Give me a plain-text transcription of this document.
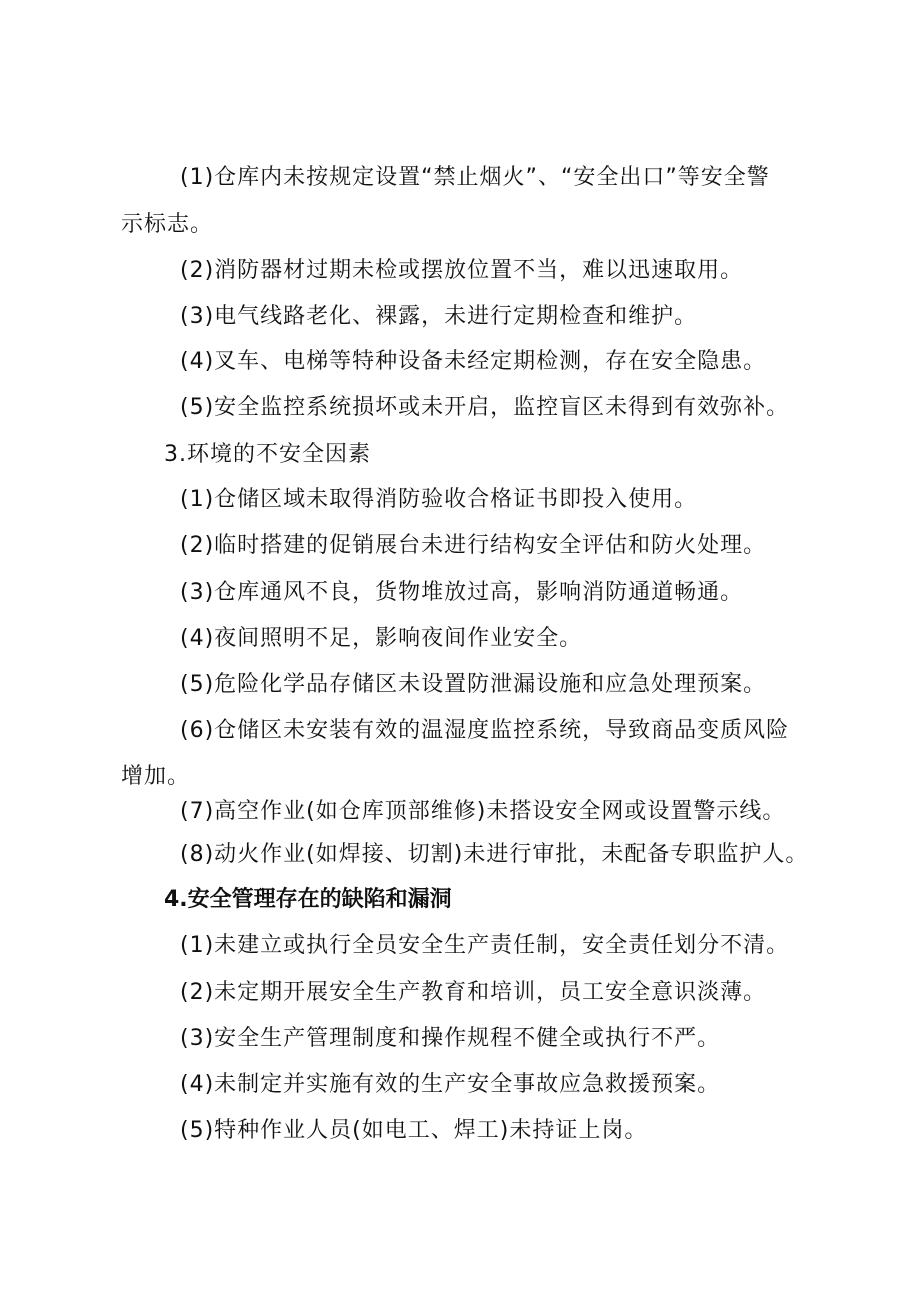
(1)仓库内未按规定设置“禁止烟火”、“安全出口”等安全警
示标志。
(2)消防器材过期未检或摆放位置不当，难以迅速取用。
(3)电气线路老化、裸露，未进行定期检查和维护。
(4)叉车、电梯等特种设备未经定期检测，存在安全隐患。
(5)安全监控系统损坏或未开启，监控盲区未得到有效弥补。
3.环境的不安全因素
(1)仓储区域未取得消防验收合格证书即投入使用。
(2)临时搭建的促销展台未进行结构安全评估和防火处理。
(3)仓库通风不良，货物堆放过高，影响消防通道畅通。
(4)夜间照明不足，影响夜间作业安全。
(5)危险化学品存储区未设置防泄漏设施和应急处理预案。
(6)仓储区未安装有效的温湿度监控系统，导致商品变质风险
增加。
(7)高空作业(如仓库顶部维修)未搭设安全网或设置警示线。
(8)动火作业(如焊接、切割)未进行审批，未配备专职监护人。
4.安全管理存在的缺陷和漏洞
(1)未建立或执行全员安全生产责任制，安全责任划分不清。
(2)未定期开展安全生产教育和培训，员工安全意识淡薄。
(3)安全生产管理制度和操作规程不健全或执行不严。
(4)未制定并实施有效的生产安全事故应急救援预案。
(5)特种作业人员(如电工、焊工)未持证上岗。
